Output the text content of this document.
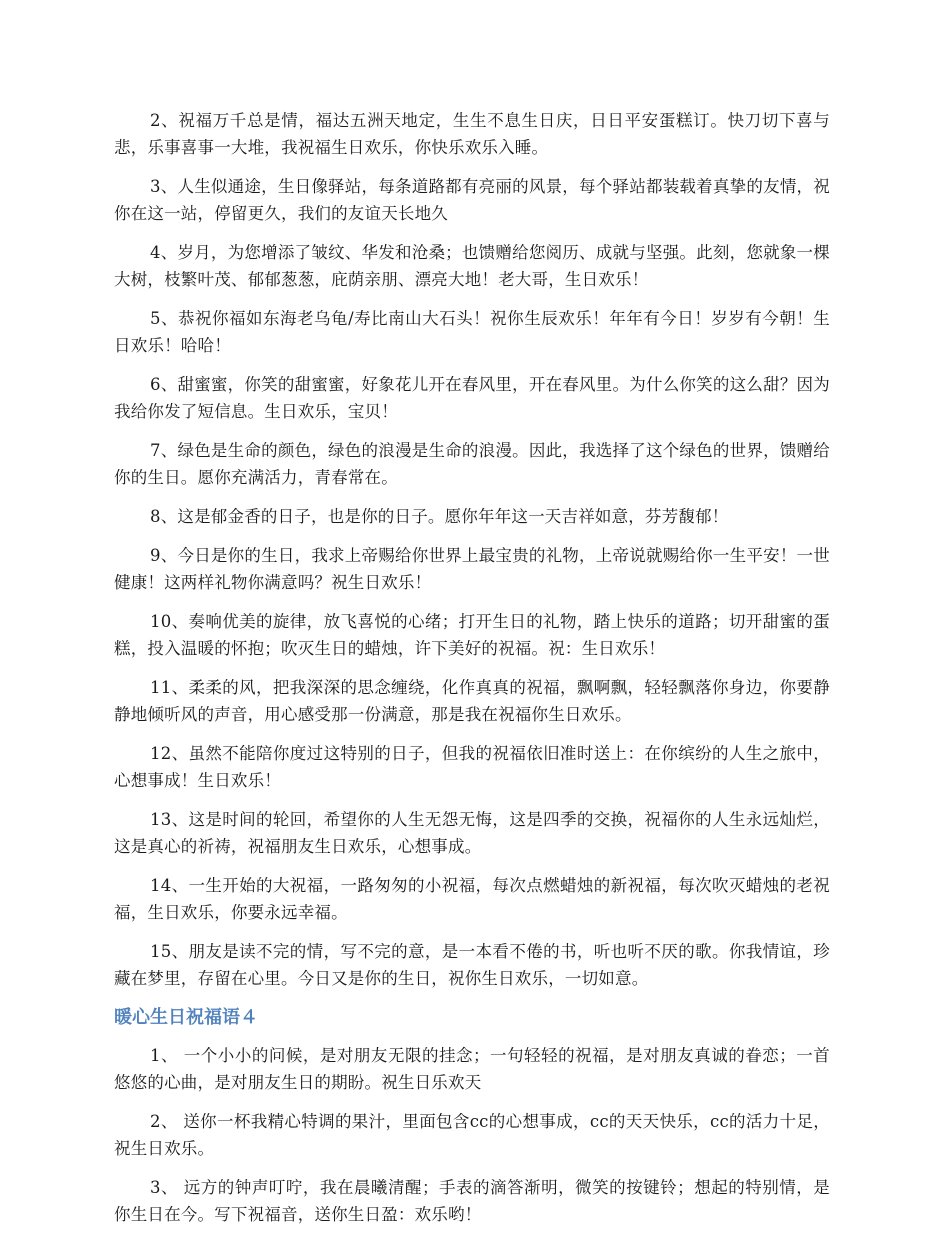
2、祝福万千总是情，福达五洲天地定，生生不息生日庆，日日平安蛋糕订。快刀切下喜与悲，乐事喜事一大堆，我祝福生日欢乐，你快乐欢乐入睡。

3、人生似通途，生日像驿站，每条道路都有亮丽的风景，每个驿站都装载着真挚的友情，祝你在这一站，停留更久，我们的友谊天长地久

4、岁月，为您增添了皱纹、华发和沧桑；也馈赠给您阅历、成就与坚强。此刻，您就象一棵大树，枝繁叶茂、郁郁葱葱，庇荫亲朋、漂亮大地！老大哥，生日欢乐！

5、恭祝你福如东海老乌龟/寿比南山大石头！祝你生辰欢乐！年年有今日！岁岁有今朝！生日欢乐！哈哈！

6、甜蜜蜜，你笑的甜蜜蜜，好象花儿开在春风里，开在春风里。为什么你笑的这么甜？因为我给你发了短信息。生日欢乐，宝贝！

7、绿色是生命的颜色，绿色的浪漫是生命的浪漫。因此，我选择了这个绿色的世界，馈赠给你的生日。愿你充满活力，青春常在。

8、这是郁金香的日子，也是你的日子。愿你年年这一天吉祥如意，芬芳馥郁！

9、今日是你的生日，我求上帝赐给你世界上最宝贵的礼物，上帝说就赐给你一生平安！一世健康！这两样礼物你满意吗？祝生日欢乐！

10、奏响优美的旋律，放飞喜悦的心绪；打开生日的礼物，踏上快乐的道路；切开甜蜜的蛋糕，投入温暖的怀抱；吹灭生日的蜡烛，许下美好的祝福。祝：生日欢乐！

11、柔柔的风，把我深深的思念缠绕，化作真真的祝福，飘啊飘，轻轻飘落你身边，你要静静地倾听风的声音，用心感受那一份满意，那是我在祝福你生日欢乐。

12、虽然不能陪你度过这特别的日子，但我的祝福依旧准时送上：在你缤纷的人生之旅中，心想事成！生日欢乐！

13、这是时间的轮回，希望你的人生无怨无悔，这是四季的交换，祝福你的人生永远灿烂，这是真心的祈祷，祝福朋友生日欢乐，心想事成。

14、一生开始的大祝福，一路匆匆的小祝福，每次点燃蜡烛的新祝福，每次吹灭蜡烛的老祝福，生日欢乐，你要永远幸福。

15、朋友是读不完的情，写不完的意，是一本看不倦的书，听也听不厌的歌。你我情谊，珍藏在梦里，存留在心里。今日又是你的生日，祝你生日欢乐，一切如意。

暖心生日祝福语４

1、 一个小小的问候，是对朋友无限的挂念；一句轻轻的祝福，是对朋友真诚的眷恋；一首悠悠的心曲，是对朋友生日的期盼。祝生日乐欢天

2、 送你一杯我精心特调的果汁，里面包含cc的心想事成，cc的天天快乐，cc的活力十足，祝生日欢乐。

3、 远方的钟声叮咛，我在晨曦清醒；手表的滴答渐明，微笑的按键铃；想起的特别情，是你生日在今。写下祝福音，送你生日盈：欢乐哟！
